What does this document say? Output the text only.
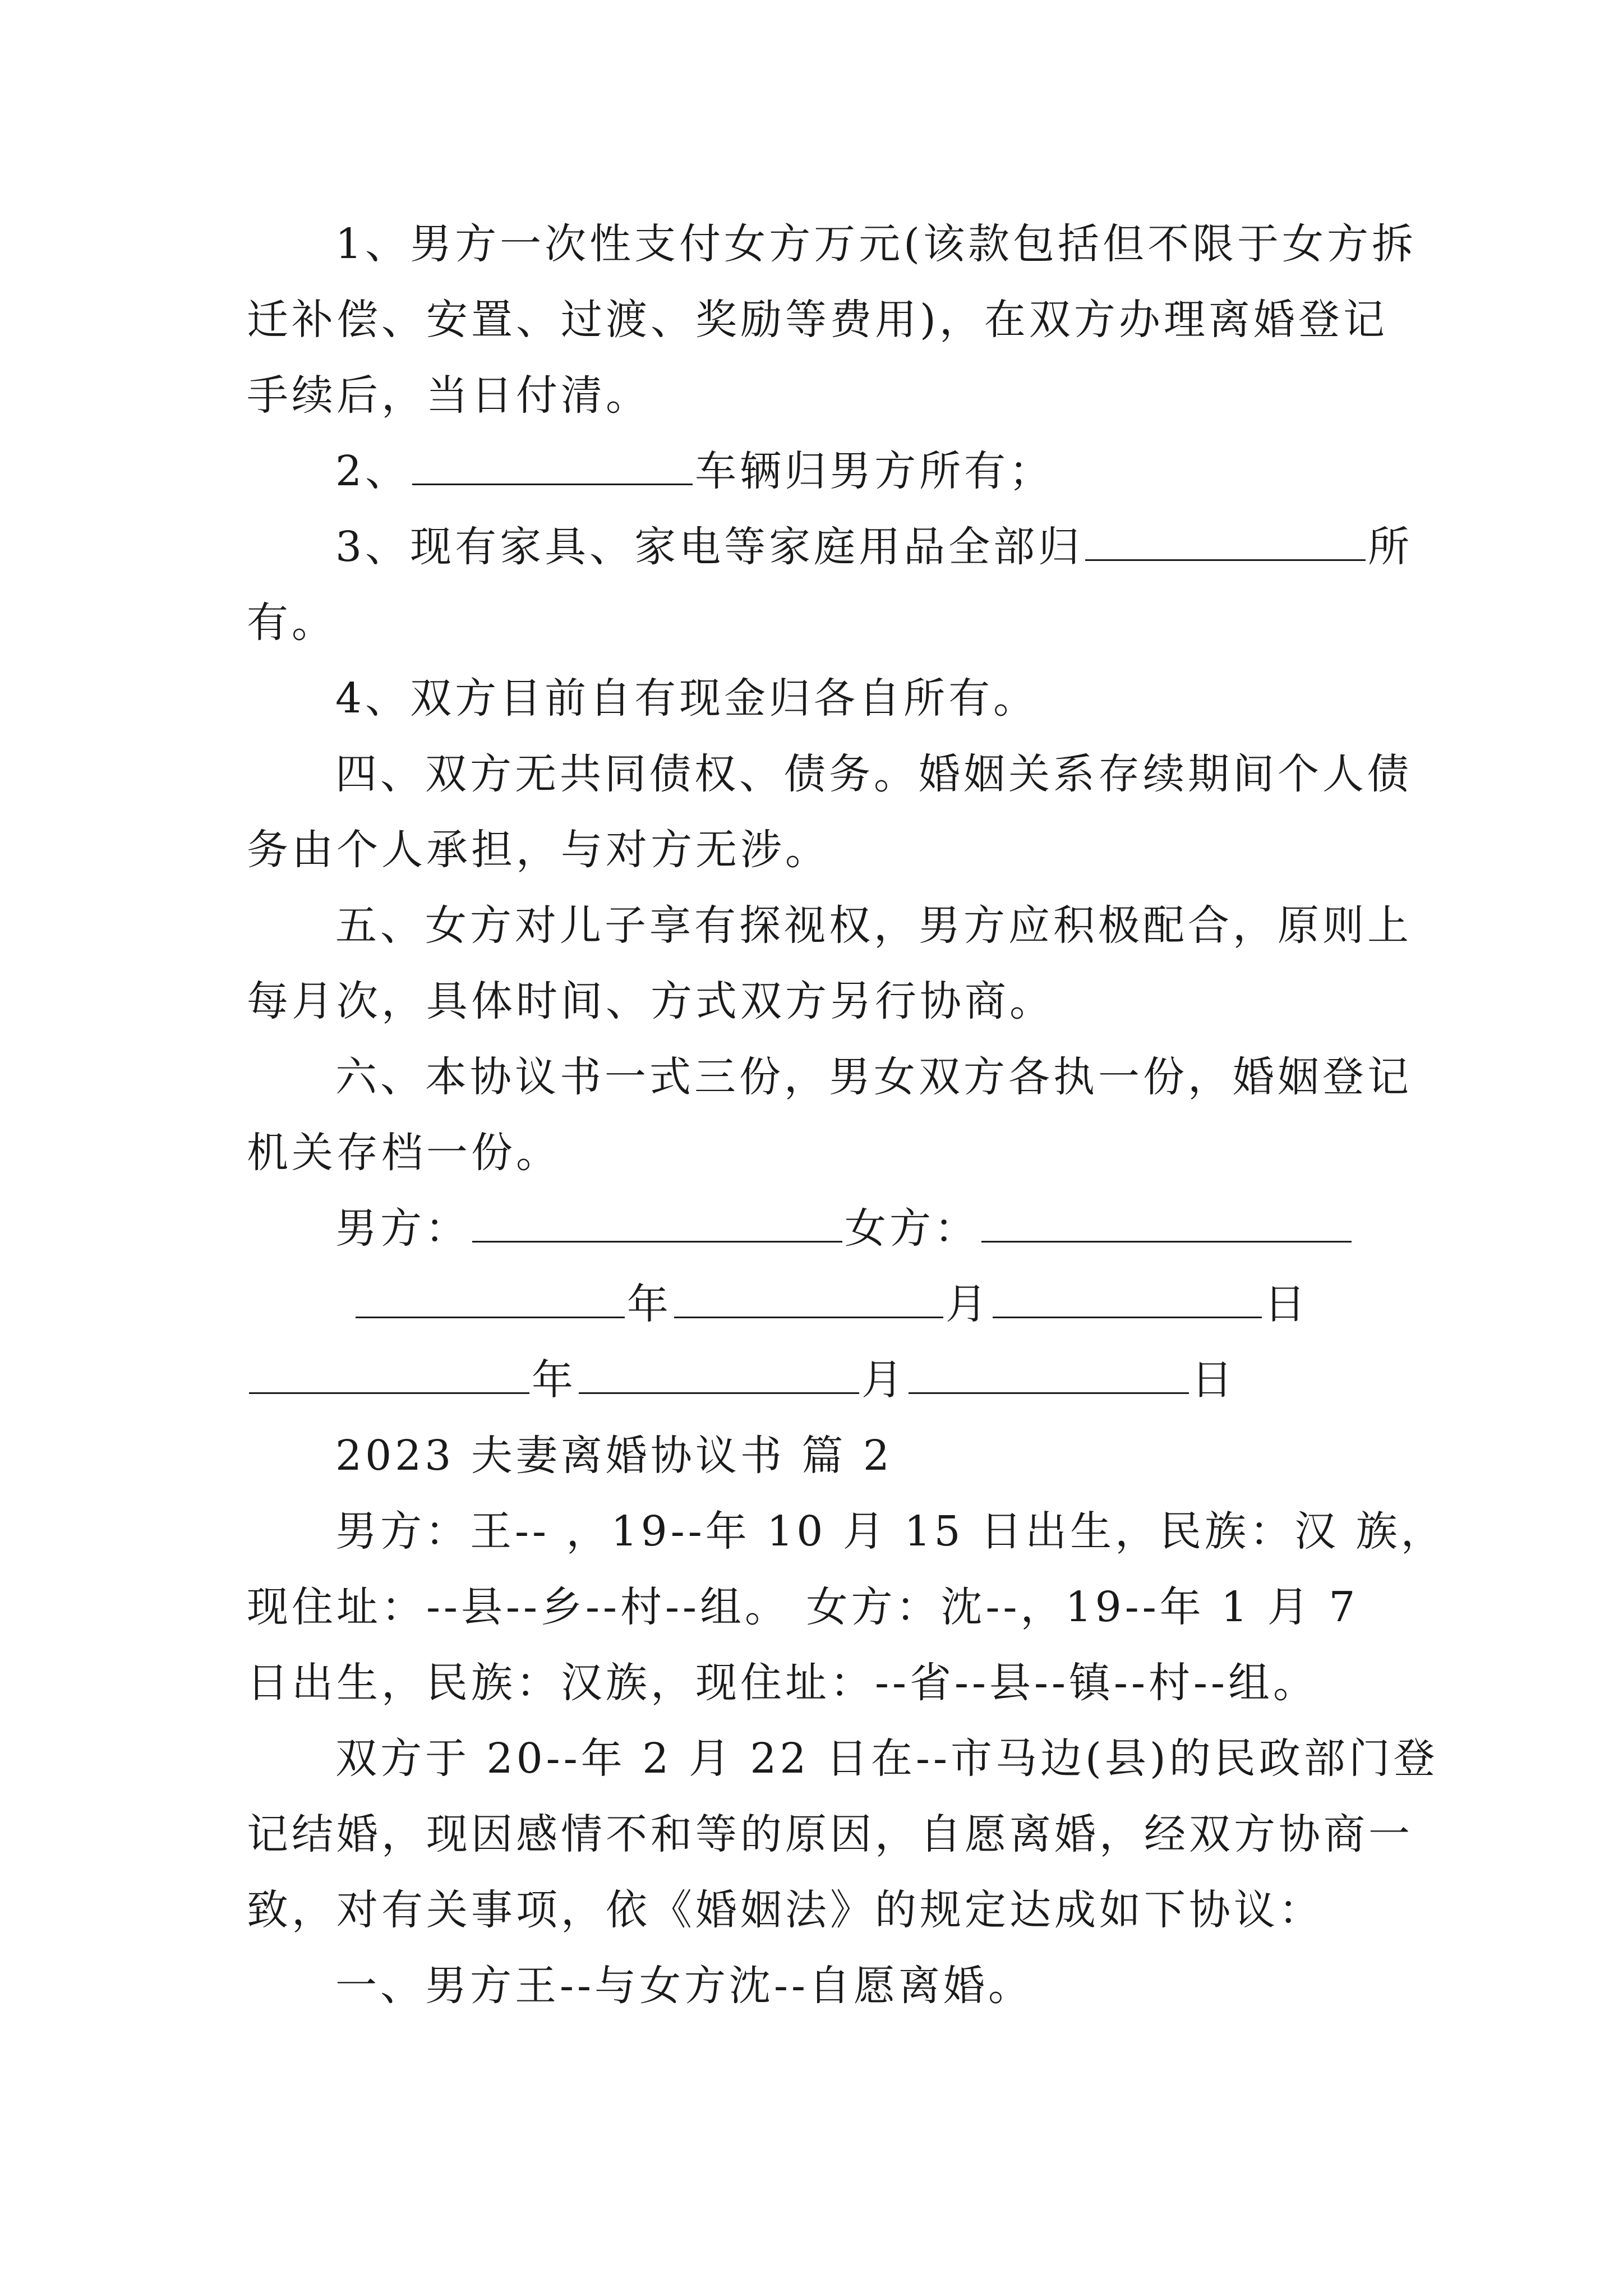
1、男方一次性支付女方万元(该款包括但不限于女方拆
迁补偿、安置、过渡、奖励等费用)，在双方办理离婚登记
手续后，当日付清。
2、	车辆归男方所有；
3、现有家具、家电等家庭用品全部归	所
有。
4、双方目前自有现金归各自所有。
四、双方无共同债权、债务。婚姻关系存续期间个人债
务由个人承担，与对方无涉。
五、女方对儿子享有探视权，男方应积极配合，原则上
每月次，具体时间、方式双方另行协商。
六、本协议书一式三份，男女双方各执一份，婚姻登记
机关存档一份。
男方：	女方：
年	月	日
年	月	日
2023 夫妻离婚协议书 篇 2
男方：王-- ，19--年 10 月 15 日出生，民族：汉 族，
现住址：--县--乡--村--组。 女方：沈--，19--年 1 月 7
日出生，民族：汉族，现住址：--省--县--镇--村--组。
双方于 20--年 2 月 22 日在--市马边(县)的民政部门登
记结婚，现因感情不和等的原因，自愿离婚，经双方协商一
致，对有关事项，依《婚姻法》的规定达成如下协议：
一、男方王--与女方沈--自愿离婚。
